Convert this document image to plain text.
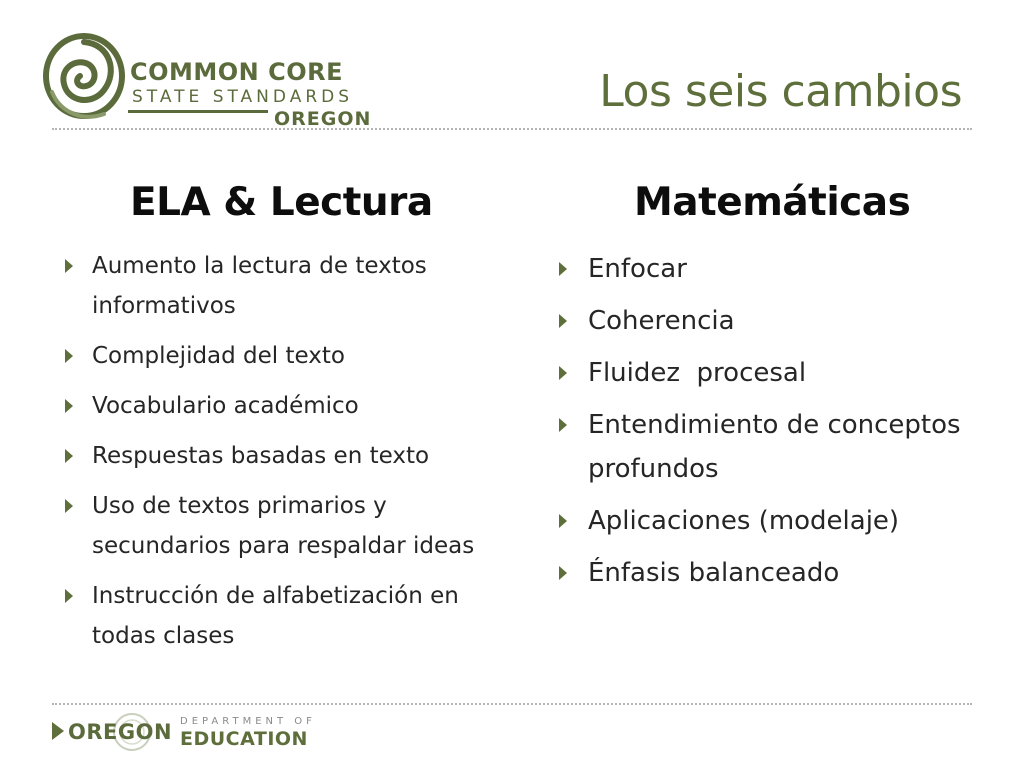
COMMON CORE
STATE STANDARDS
OREGON
Los seis cambios
ELA & Lectura	Matemáticas
Aumento la lectura de textos informativos
Complejidad del texto
Vocabulario académico
Respuestas basadas en texto
Uso de textos primarios y secundarios para respaldar ideas
Instrucción de alfabetización en todas clases
Enfocar
Coherencia
Fluidez  procesal
Entendimiento de conceptos profundos
Aplicaciones (modelaje)
Énfasis balanceado
OREGON DEPARTMENT OF
EDUCATION
